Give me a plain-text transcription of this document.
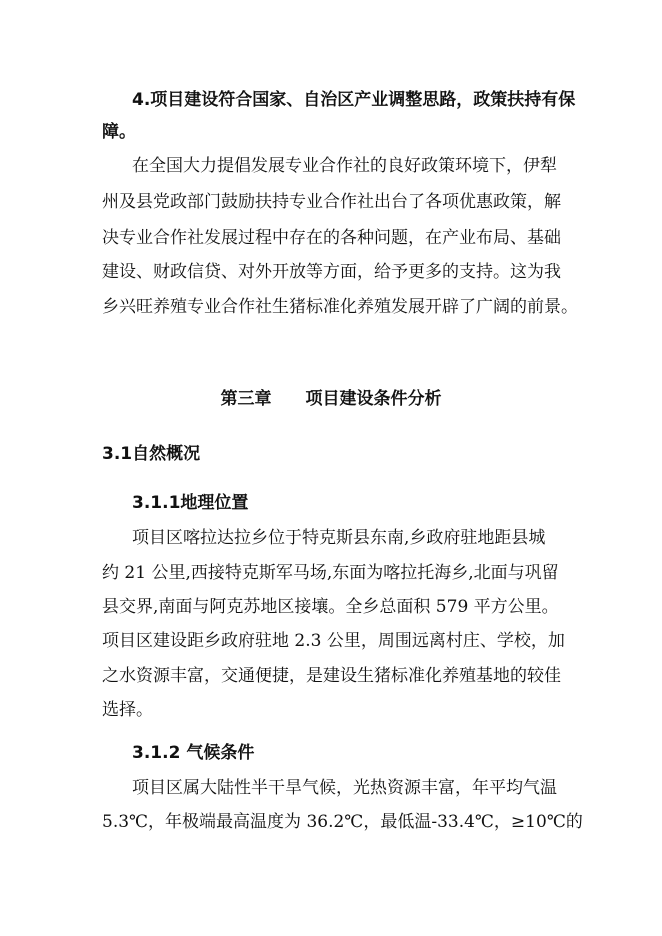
4.项目建设符合国家、自治区产业调整思路，政策扶持有保

障。

在全国大力提倡发展专业合作社的良好政策环境下，伊犁

州及县党政部门鼓励扶持专业合作社出台了各项优惠政策，解

决专业合作社发展过程中存在的各种问题，在产业布局、基础

建设、财政信贷、对外开放等方面，给予更多的支持。这为我

乡兴旺养殖专业合作社生猪标准化养殖发展开辟了广阔的前景。

第三章 项目建设条件分析

3.1自然概况

3.1.1地理位置

项目区喀拉达拉乡位于特克斯县东南,乡政府驻地距县城

约 21 公里,西接特克斯军马场,东面为喀拉托海乡,北面与巩留

县交界,南面与阿克苏地区接壤。全乡总面积 579 平方公里。

项目区建设距乡政府驻地 2.3 公里，周围远离村庄、学校，加

之水资源丰富，交通便捷，是建设生猪标准化养殖基地的较佳

选择。

3.1.2 气候条件

项目区属大陆性半干旱气候，光热资源丰富，年平均气温

5.3℃，年极端最高温度为 36.2℃，最低温-33.4℃，≥10℃的
